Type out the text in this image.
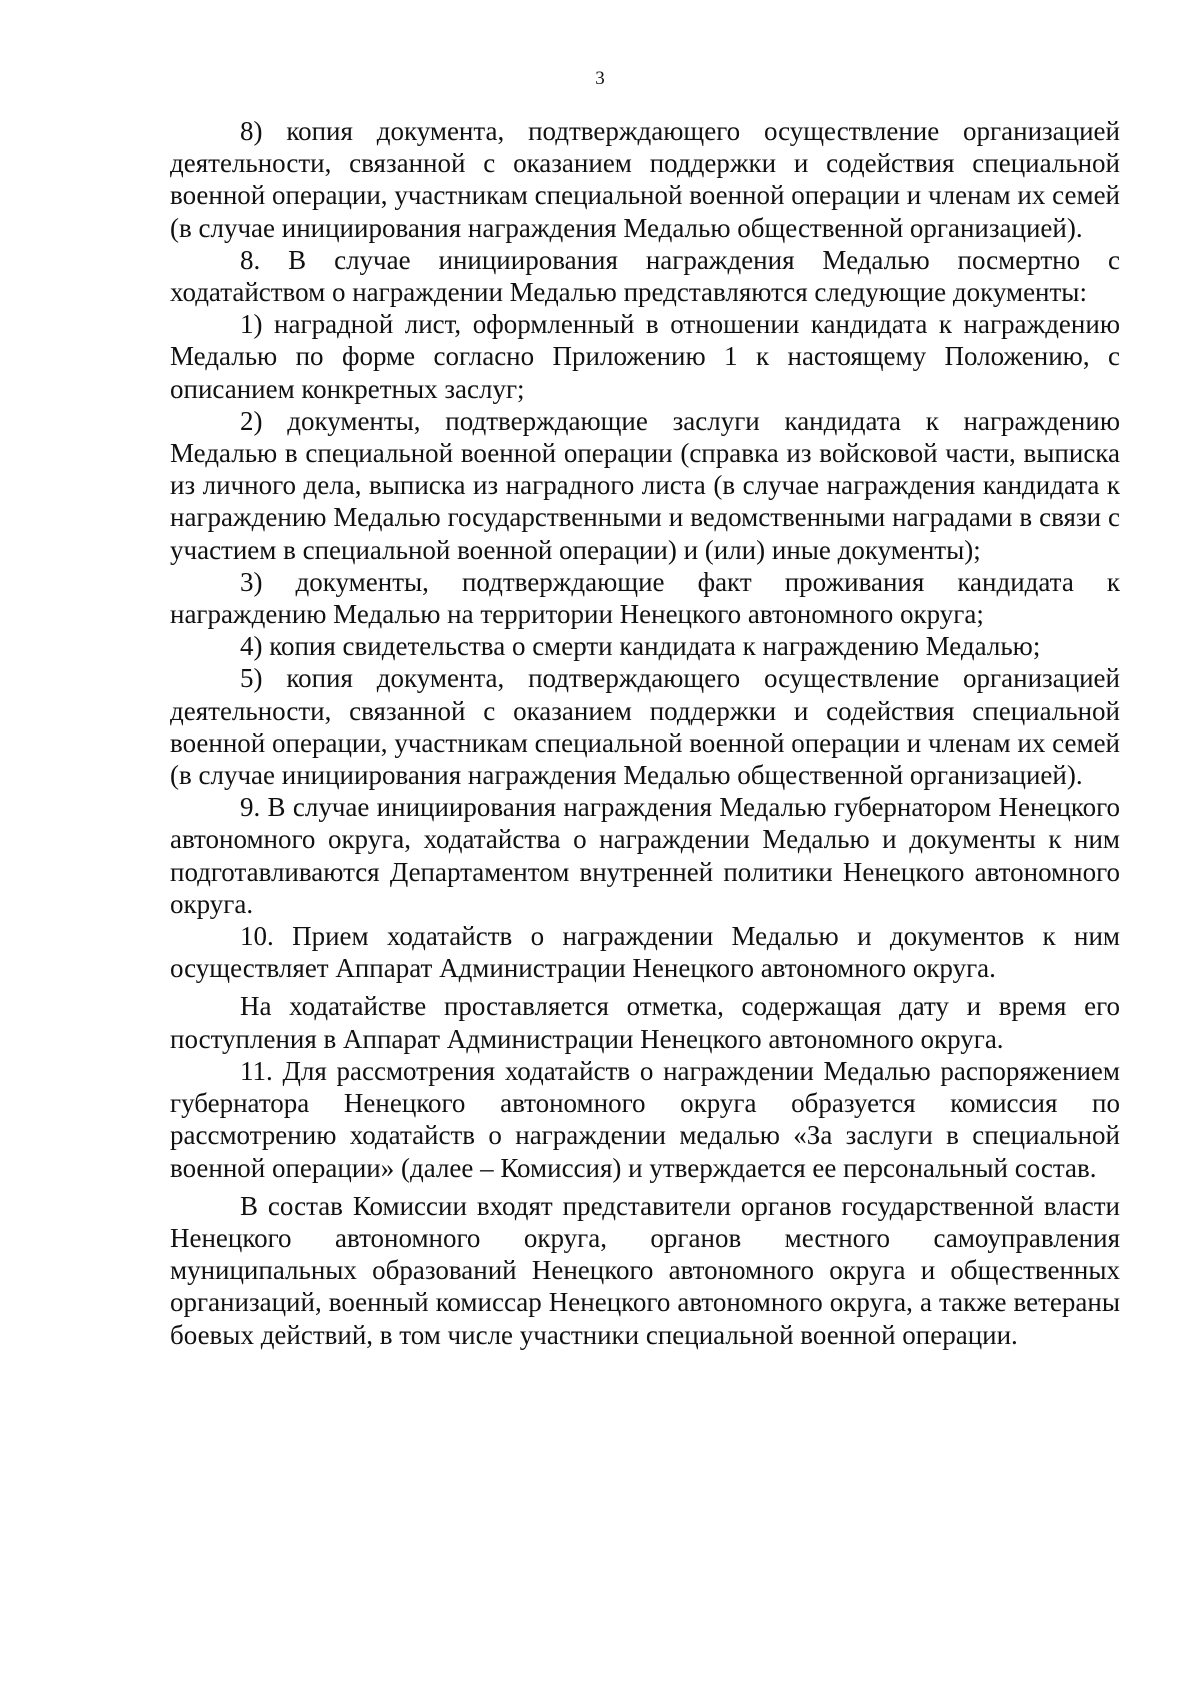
3

8) копия документа, подтверждающего осуществление организацией деятельности, связанной с оказанием поддержки и содействия специальной военной операции, участникам специальной военной операции и членам их семей (в случае инициирования награждения Медалью общественной организацией).

8. В случае инициирования награждения Медалью посмертно с ходатайством о награждении Медалью представляются следующие документы:

1) наградной лист, оформленный в отношении кандидата к награждению Медалью по форме согласно Приложению 1 к настоящему Положению, с описанием конкретных заслуг;

2) документы, подтверждающие заслуги кандидата к награждению Медалью в специальной военной операции (справка из войсковой части, выписка из личного дела, выписка из наградного листа (в случае награждения кандидата к награждению Медалью государственными и ведомственными наградами в связи с участием в специальной военной операции) и (или) иные документы);

3) документы, подтверждающие факт проживания кандидата к награждению Медалью на территории Ненецкого автономного округа;

4) копия свидетельства о смерти кандидата к награждению Медалью;

5) копия документа, подтверждающего осуществление организацией деятельности, связанной с оказанием поддержки и содействия специальной военной операции, участникам специальной военной операции и членам их семей (в случае инициирования награждения Медалью общественной организацией).

9. В случае инициирования награждения Медалью губернатором Ненецкого автономного округа, ходатайства о награждении Медалью и документы к ним подготавливаются Департаментом внутренней политики Ненецкого автономного округа.

10. Прием ходатайств о награждении Медалью и документов к ним осуществляет Аппарат Администрации Ненецкого автономного округа.

На ходатайстве проставляется отметка, содержащая дату и время его поступления в Аппарат Администрации Ненецкого автономного округа.

11. Для рассмотрения ходатайств о награждении Медалью распоряжением губернатора Ненецкого автономного округа образуется комиссия по рассмотрению ходатайств о награждении медалью «За заслуги в специальной военной операции» (далее – Комиссия) и утверждается ее персональный состав.

В состав Комиссии входят представители органов государственной власти Ненецкого автономного округа, органов местного самоуправления муниципальных образований Ненецкого автономного округа и общественных организаций, военный комиссар Ненецкого автономного округа, а также ветераны боевых действий, в том числе участники специальной военной операции.
